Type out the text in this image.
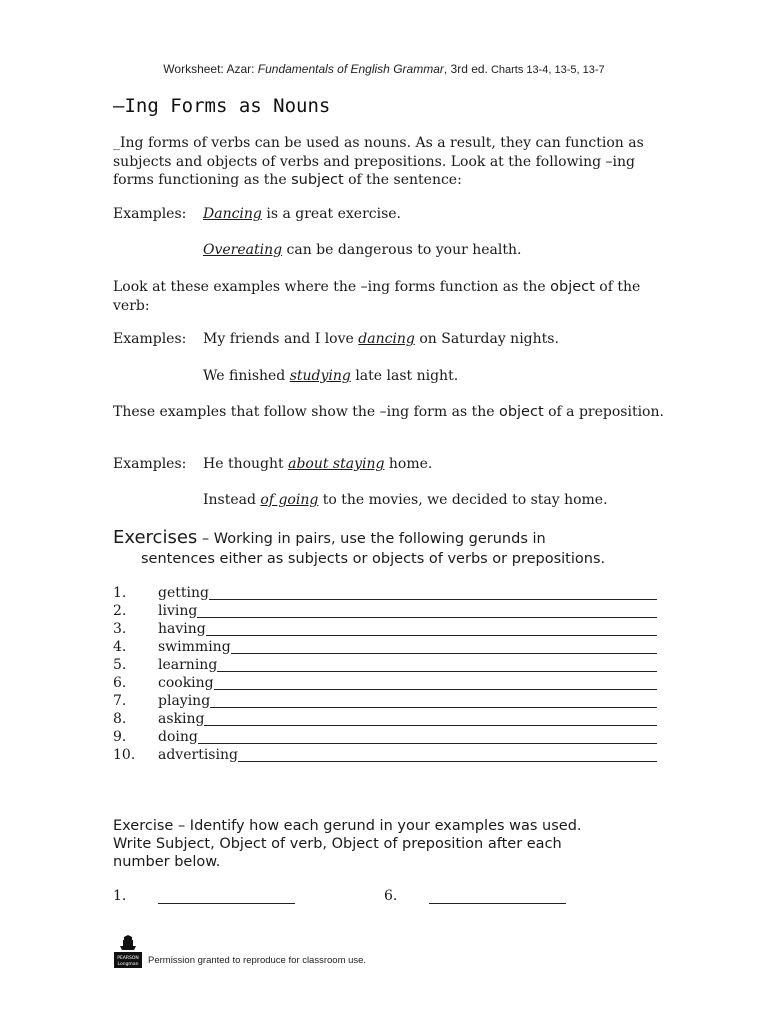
Worksheet: Azar: Fundamentals of English Grammar, 3rd ed. Charts 13-4, 13-5, 13-7
–Ing Forms as Nouns
_Ing forms of verbs can be used as nouns. As a result, they can function as subjects and objects of verbs and prepositions. Look at the following –ing forms functioning as the subject of the sentence:
Examples: Dancing is a great exercise.
Overeating can be dangerous to your health.
Look at these examples where the –ing forms function as the object of the verb:
Examples: My friends and I love dancing on Saturday nights.
We finished studying late last night.
These examples that follow show the –ing form as the object of a preposition.
Examples: He thought about staying home.
Instead of going to the movies, we decided to stay home.
Exercises – Working in pairs, use the following gerunds in
sentences either as subjects or objects of verbs or prepositions.
1. getting
2. living
3. having
4. swimming
5. learning
6. cooking
7. playing
8. asking
9. doing
10. advertising
Exercise – Identify how each gerund in your examples was used.
Write Subject, Object of verb, Object of preposition after each
number below.
1.	6.
PEARSON
Longman Permission granted to reproduce for classroom use.
